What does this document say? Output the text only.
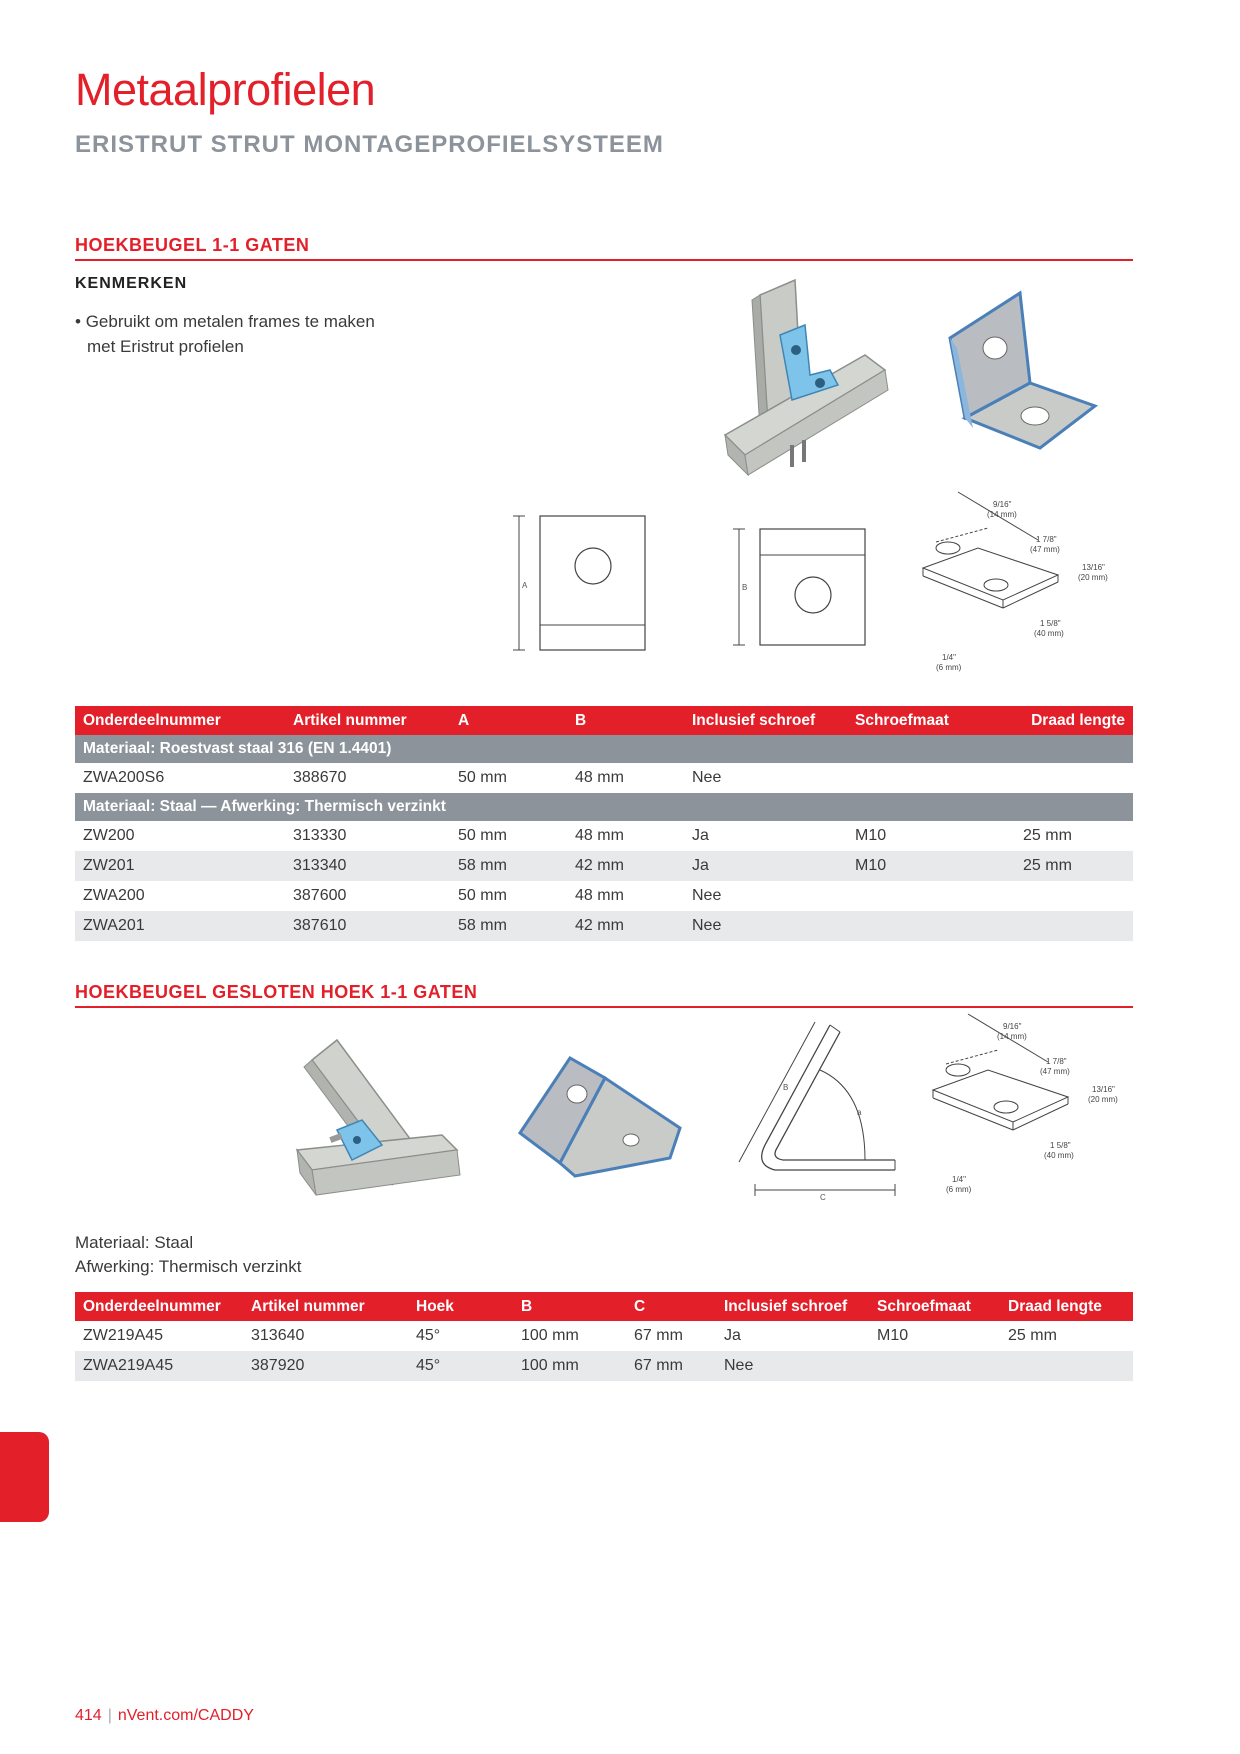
Metaalprofielen
ERISTRUT STRUT MONTAGEPROFIELSYSTEEM
HOEKBEUGEL 1-1 GATEN
KENMERKEN
• Gebruikt om metalen frames te maken
met Eristrut profielen
A	B
9/16"
(14 mm)
1 7/8"
(47 mm)
13/16"
(20 mm)
1 5/8"
(40 mm)
1/4"
(6 mm)
Onderdeelnummer	Artikel nummer	A	B	Inclusief schroef	Schroefmaat	Draad lengte
Materiaal: Roestvast staal 316 (EN 1.4401)						
ZWA200S6	388670	50 mm	48 mm	Nee		
Materiaal: Staal — Afwerking: Thermisch verzinkt						
ZW200	313330	50 mm	48 mm	Ja	M10	25 mm
ZW201	313340	58 mm	42 mm	Ja	M10	25 mm
ZWA200	387600	50 mm	48 mm	Nee		
ZWA201	387610	58 mm	42 mm	Nee		
HOEKBEUGEL GESLOTEN HOEK 1-1 GATEN
B
a
C
9/16"
(14 mm)
1 7/8"
(47 mm)
13/16"
(20 mm)
1 5/8"
(40 mm)
1/4"
(6 mm)
Materiaal: Staal
Afwerking: Thermisch verzinkt
Onderdeelnummer	Artikel nummer	Hoek	B	C	Inclusief schroef	Schroefmaat	Draad lengte
ZW219A45	313640	45°	100 mm	67 mm	Ja	M10	25 mm
ZWA219A45	387920	45°	100 mm	67 mm	Nee		
414 | nVent.com/CADDY
